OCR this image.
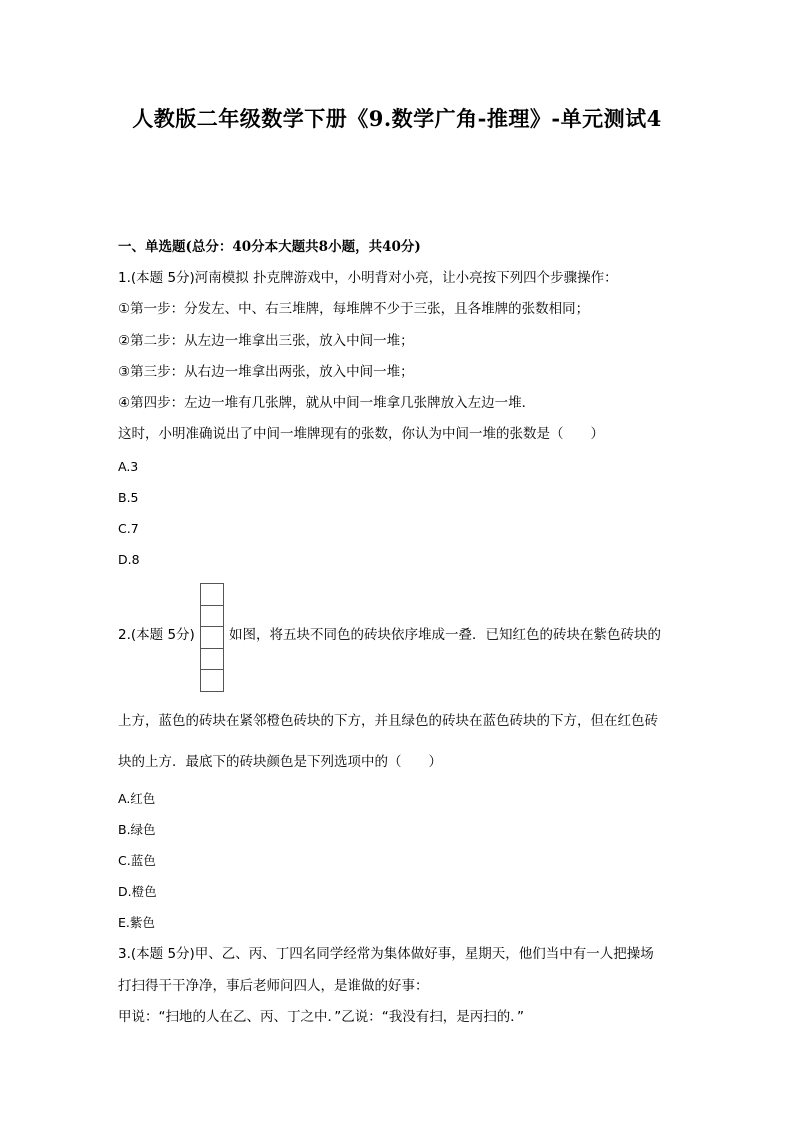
人教版二年级数学下册《9.数学广角-推理》-单元测试4
一、单选题(总分：40分本大题共8小题，共40分)
1.(本题 5分)河南模拟 扑克牌游戏中，小明背对小亮，让小亮按下列四个步骤操作：
①第一步：分发左、中、右三堆牌，每堆牌不少于三张，且各堆牌的张数相同；
②第二步：从左边一堆拿出三张，放入中间一堆；
③第三步：从右边一堆拿出两张，放入中间一堆；
④第四步：左边一堆有几张牌，就从中间一堆拿几张牌放入左边一堆．
这时，小明准确说出了中间一堆牌现有的张数，你认为中间一堆的张数是（　　）
A.3
B.5
C.7
D.8
2.(本题 5分)	如图，将五块不同色的砖块依序堆成一叠．已知红色的砖块在紫色砖块的
上方，蓝色的砖块在紧邻橙色砖块的下方，并且绿色的砖块在蓝色砖块的下方，但在红色砖
块的上方．最底下的砖块颜色是下列选项中的（　　）
A.红色
B.绿色
C.蓝色
D.橙色
E.紫色
3.(本题 5分)甲、乙、丙、丁四名同学经常为集体做好事，星期天，他们当中有一人把操场
打扫得干干净净，事后老师问四人，是谁做的好事：
甲说：“扫地的人在乙、丙、丁之中．”乙说：“我没有扫，是丙扫的．”
